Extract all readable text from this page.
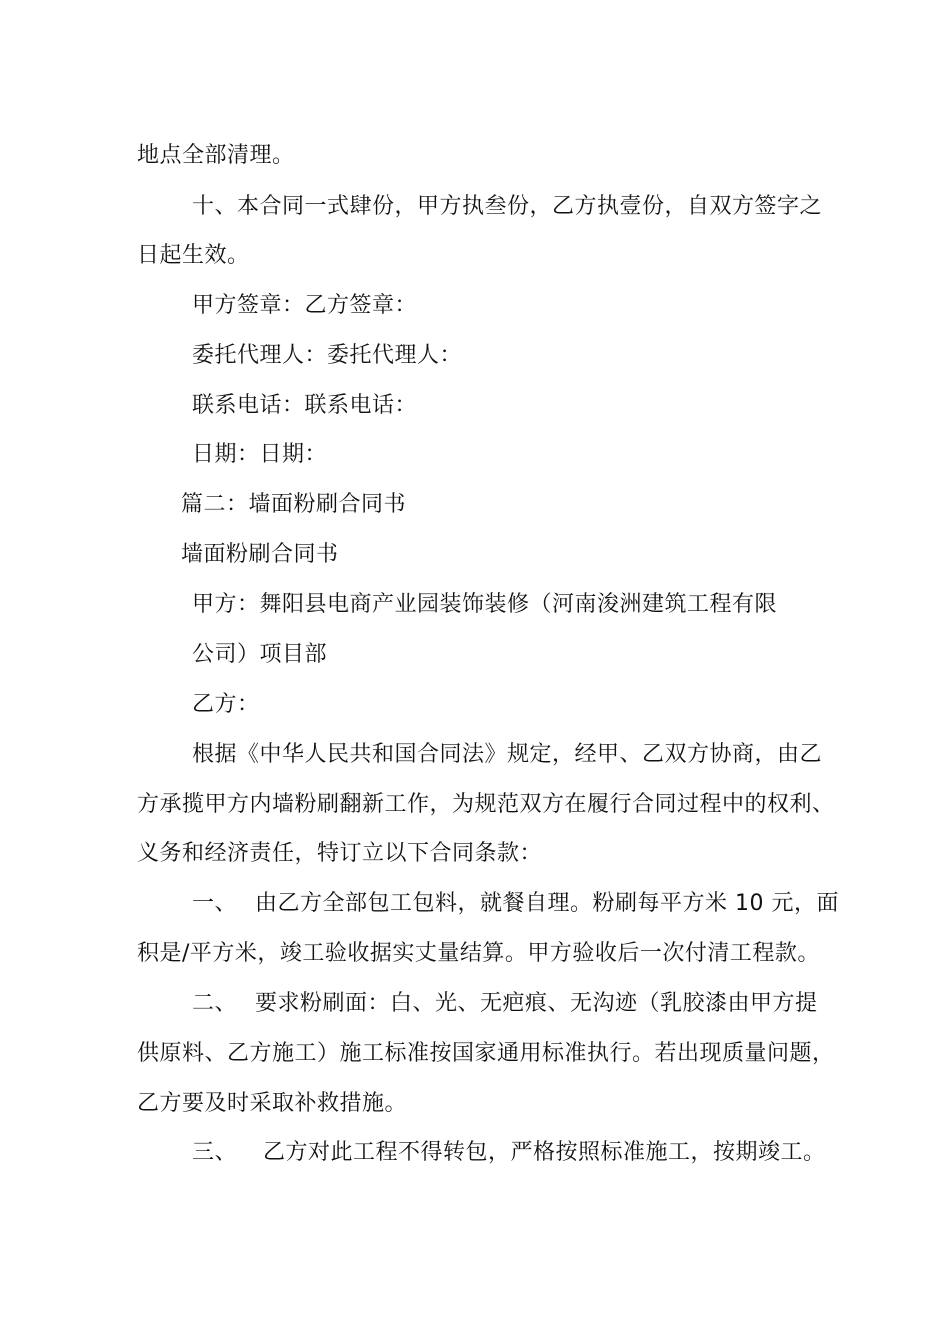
地点全部清理。
十、本合同一式肆份，甲方执叁份，乙方执壹份，自双方签字之
日起生效。
甲方签章：乙方签章：
委托代理人：委托代理人：
联系电话：联系电话：
日期：日期：
篇二：墙面粉刷合同书
墙面粉刷合同书
甲方：舞阳县电商产业园装饰装修（河南浚洲建筑工程有限
公司）项目部
乙方：
根据《中华人民共和国合同法》规定，经甲、乙双方协商，由乙
方承揽甲方内墙粉刷翻新工作，为规范双方在履行合同过程中的权利、
义务和经济责任，特订立以下合同条款：
一、 由乙方全部包工包料，就餐自理。粉刷每平方米 10 元，面
积是/平方米，竣工验收据实丈量结算。甲方验收后一次付清工程款。
二、 要求粉刷面：白、光、无疤痕、无沟迹（乳胶漆由甲方提
供原料、乙方施工）施工标准按国家通用标准执行。若出现质量问题，
乙方要及时采取补救措施。
三、 乙方对此工程不得转包，严格按照标准施工，按期竣工。
